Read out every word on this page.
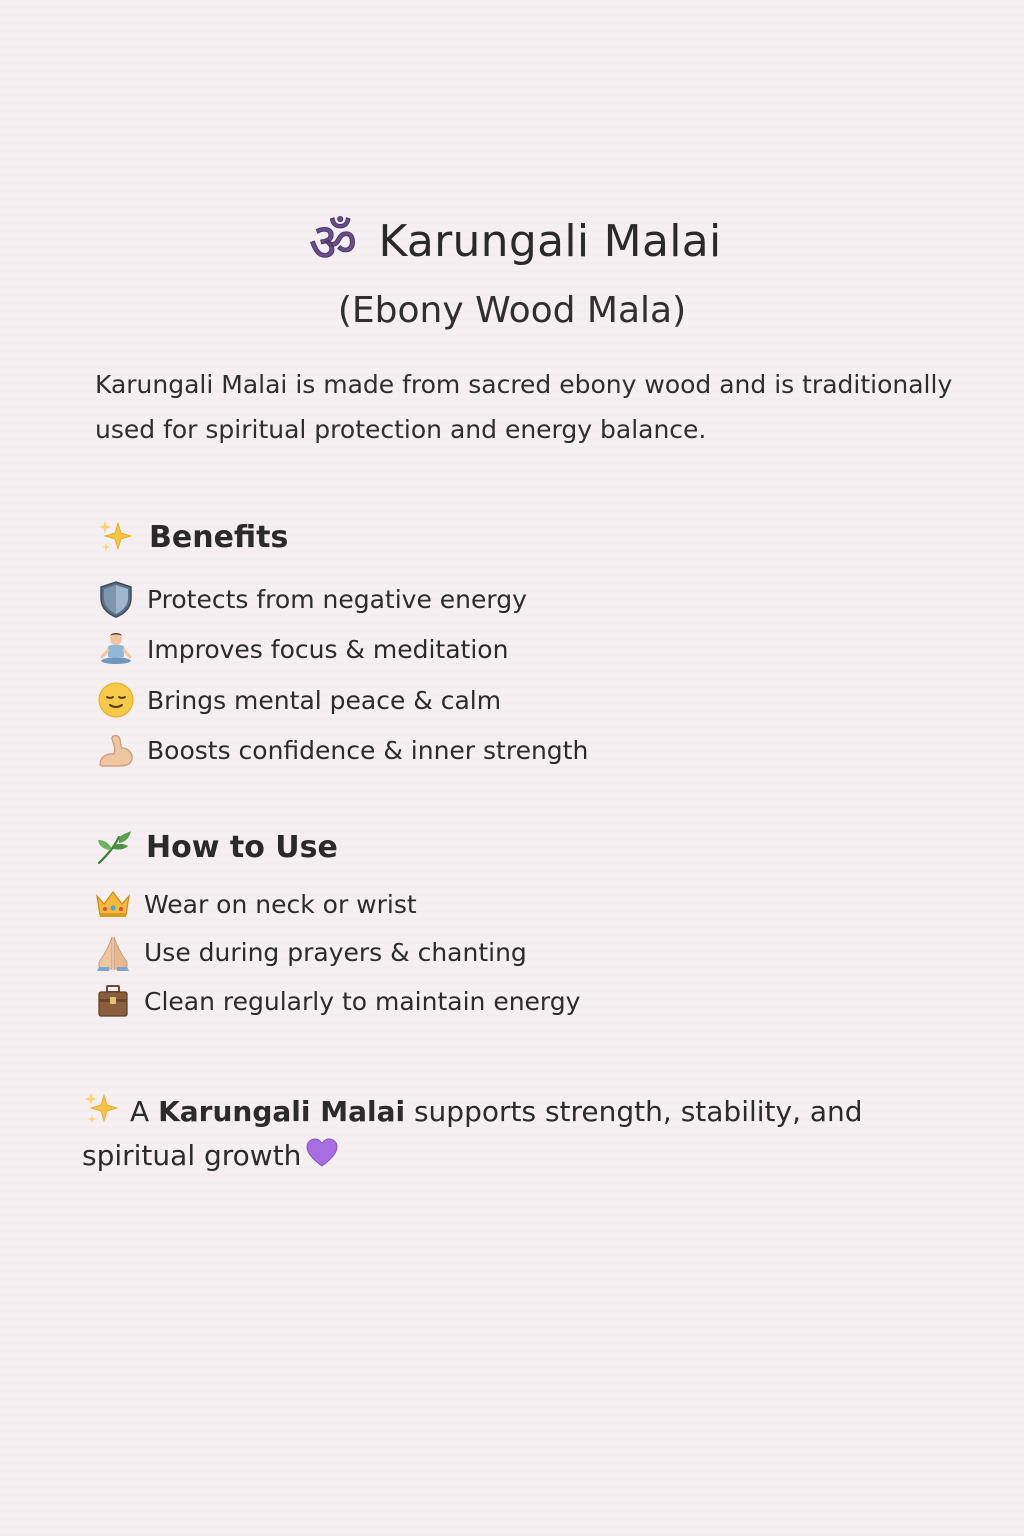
ॐ Karungali Malai
(Ebony Wood Mala)
Karungali Malai is made from sacred ebony wood and is traditionally used for spiritual protection and energy balance.
Benefits
Protects from negative energy
Improves focus & meditation
Brings mental peace & calm
Boosts confidence & inner strength
How to Use
Wear on neck or wrist
Use during prayers & chanting
Clean regularly to maintain energy
A Karungali Malai supports strength, stability, and spiritual growth
